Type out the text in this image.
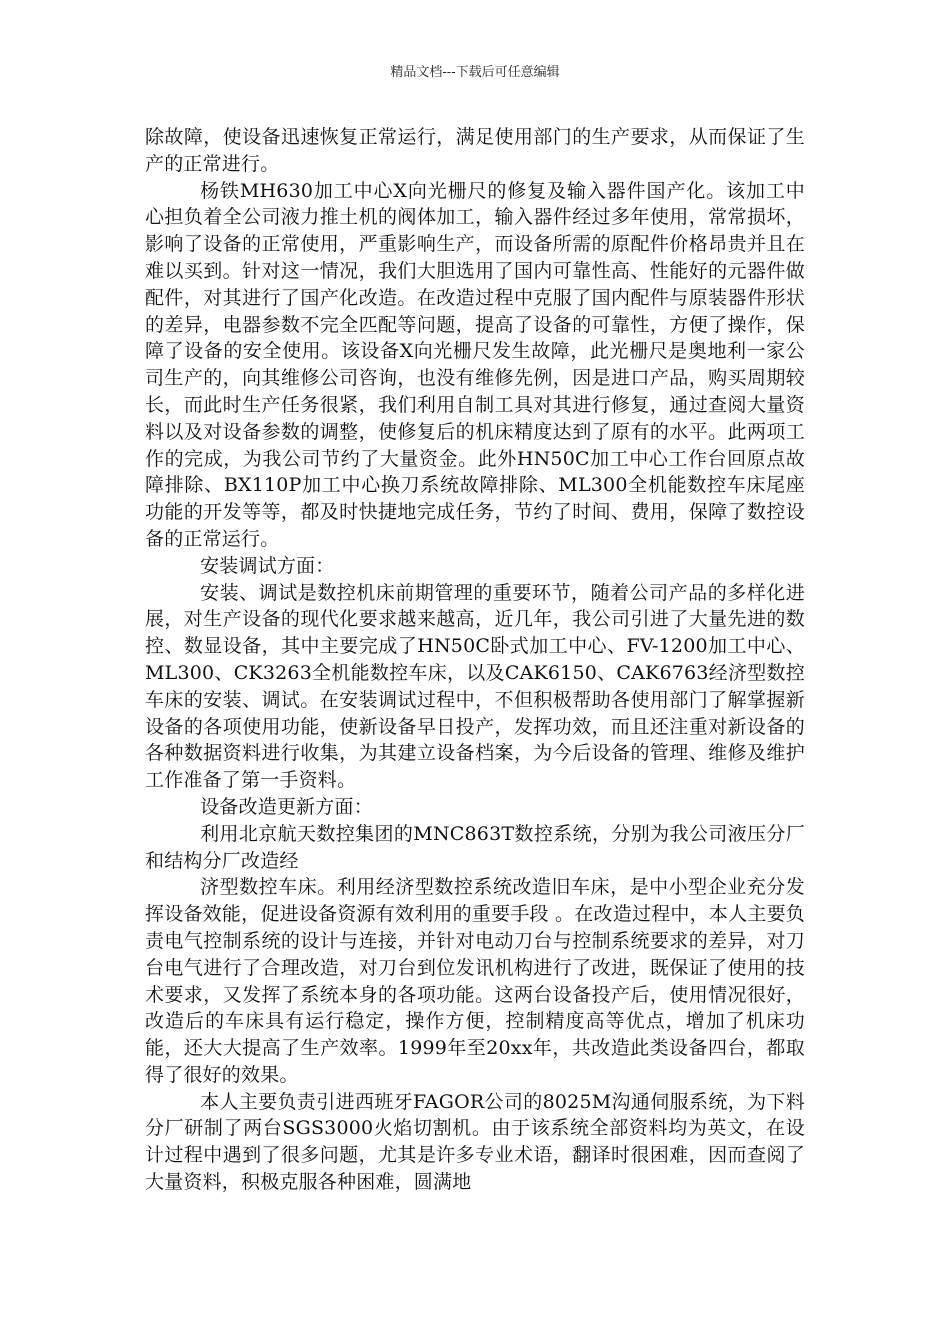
精品文档---下载后可任意编辑

除故障，使设备迅速恢复正常运行，满足使用部门的生产要求，从而保证了生产的正常进行。

杨铁MH630加工中心X向光栅尺的修复及输入器件国产化。该加工中心担负着全公司液力推土机的阀体加工，输入器件经过多年使用，常常损坏，影响了设备的正常使用，严重影响生产，而设备所需的原配件价格昂贵并且在难以买到。针对这一情况，我们大胆选用了国内可靠性高、性能好的元器件做配件，对其进行了国产化改造。在改造过程中克服了国内配件与原装器件形状的差异，电器参数不完全匹配等问题，提高了设备的可靠性，方便了操作，保障了设备的安全使用。该设备X向光栅尺发生故障，此光栅尺是奥地利一家公司生产的，向其维修公司咨询，也没有维修先例，因是进口产品，购买周期较长，而此时生产任务很紧，我们利用自制工具对其进行修复，通过查阅大量资料以及对设备参数的调整，使修复后的机床精度达到了原有的水平。此两项工作的完成，为我公司节约了大量资金。此外HN50C加工中心工作台回原点故障排除、BX110P加工中心换刀系统故障排除、ML300全机能数控车床尾座功能的开发等等，都及时快捷地完成任务，节约了时间、费用，保障了数控设备的正常运行。

安装调试方面：

安装、调试是数控机床前期管理的重要环节，随着公司产品的多样化进展，对生产设备的现代化要求越来越高，近几年，我公司引进了大量先进的数控、数显设备，其中主要完成了HN50C卧式加工中心、FV-1200加工中心、ML300、CK3263全机能数控车床，以及CAK6150、CAK6763经济型数控车床的安装、调试。在安装调试过程中，不但积极帮助各使用部门了解掌握新设备的各项使用功能，使新设备早日投产，发挥功效，而且还注重对新设备的各种数据资料进行收集，为其建立设备档案，为今后设备的管理、维修及维护工作准备了第一手资料。

设备改造更新方面：

利用北京航天数控集团的MNC863T数控系统，分别为我公司液压分厂和结构分厂改造经

济型数控车床。利用经济型数控系统改造旧车床，是中小型企业充分发挥设备效能，促进设备资源有效利用的重要手段 。在改造过程中，本人主要负责电气控制系统的设计与连接，并针对电动刀台与控制系统要求的差异，对刀台电气进行了合理改造，对刀台到位发讯机构进行了改进，既保证了使用的技术要求，又发挥了系统本身的各项功能。这两台设备投产后，使用情况很好，改造后的车床具有运行稳定，操作方便，控制精度高等优点，增加了机床功能，还大大提高了生产效率。1999年至20xx年，共改造此类设备四台，都取得了很好的效果。

本人主要负责引进西班牙FAGOR公司的8025M沟通伺服系统，为下料分厂研制了两台SGS3000火焰切割机。由于该系统全部资料均为英文，在设计过程中遇到了很多问题，尤其是许多专业术语，翻译时很困难，因而查阅了大量资料，积极克服各种困难，圆满地
